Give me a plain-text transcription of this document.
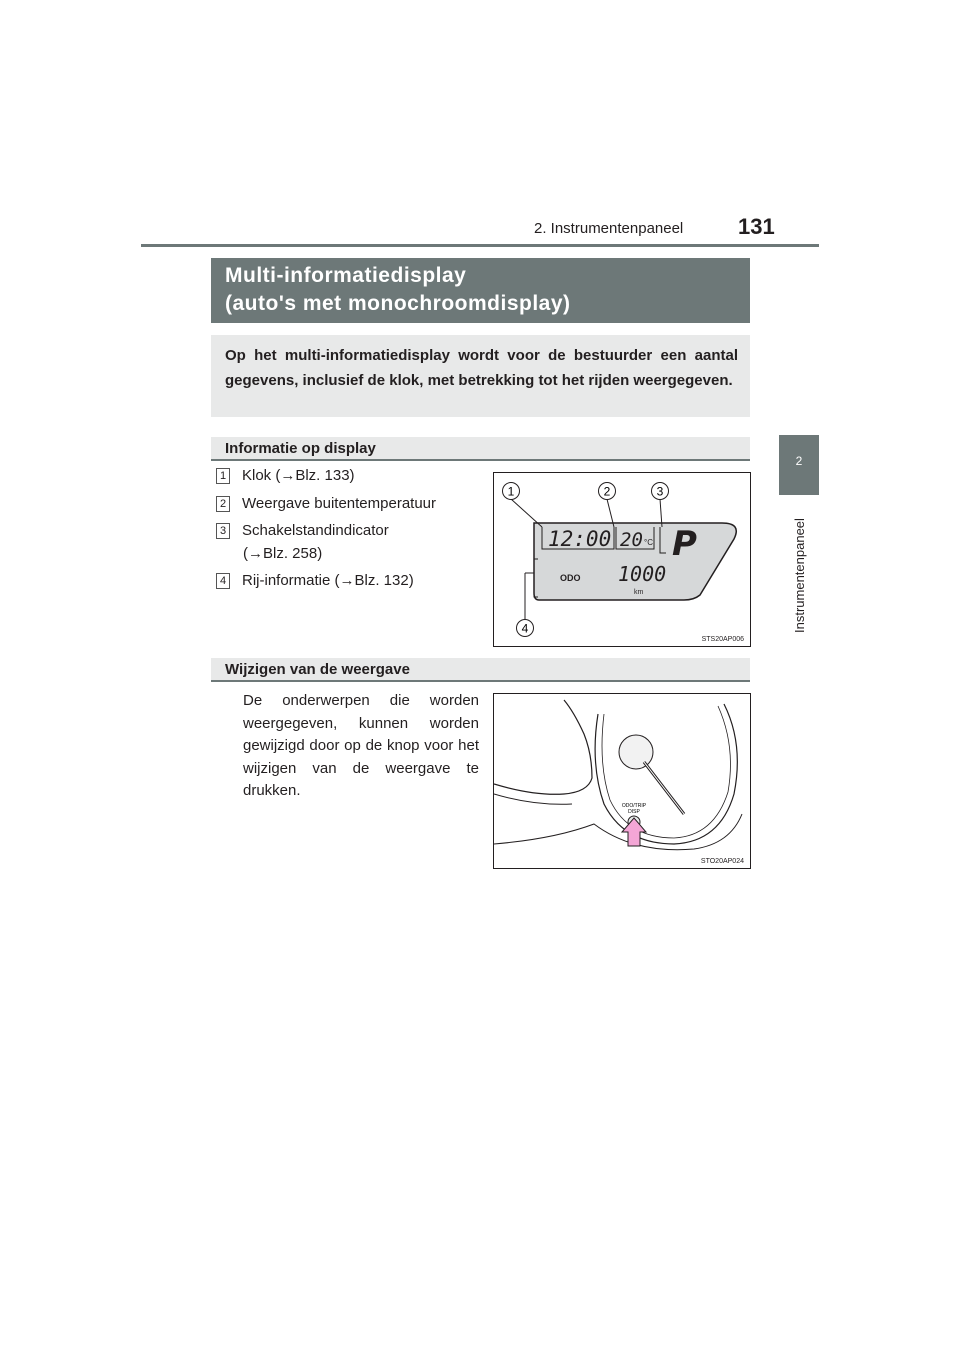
2. Instrumentenpaneel 131
2
Instrumentenpaneel
Multi-informatiedisplay
(auto's met monochroomdisplay)
Op het multi-informatiedisplay wordt voor de bestuurder een aantal gegevens, inclusief de klok, met betrekking tot het rijden weergegeven.
Informatie op display
1 Klok (→Blz. 133)
2 Weergave buitentemperatuur
3 Schakelstandindicator
(→Blz. 258)
4 Rij-informatie (→Blz. 132)
1	2	3
4
12:00 20 °C P
ODO 1000
km
STS20AP006
Wijzigen van de weergave
De onderwerpen die worden weergegeven, kunnen worden gewijzigd door op de knop voor het wijzigen van de weergave te drukken.
ODO/TRIP
DISP
STO20AP024
